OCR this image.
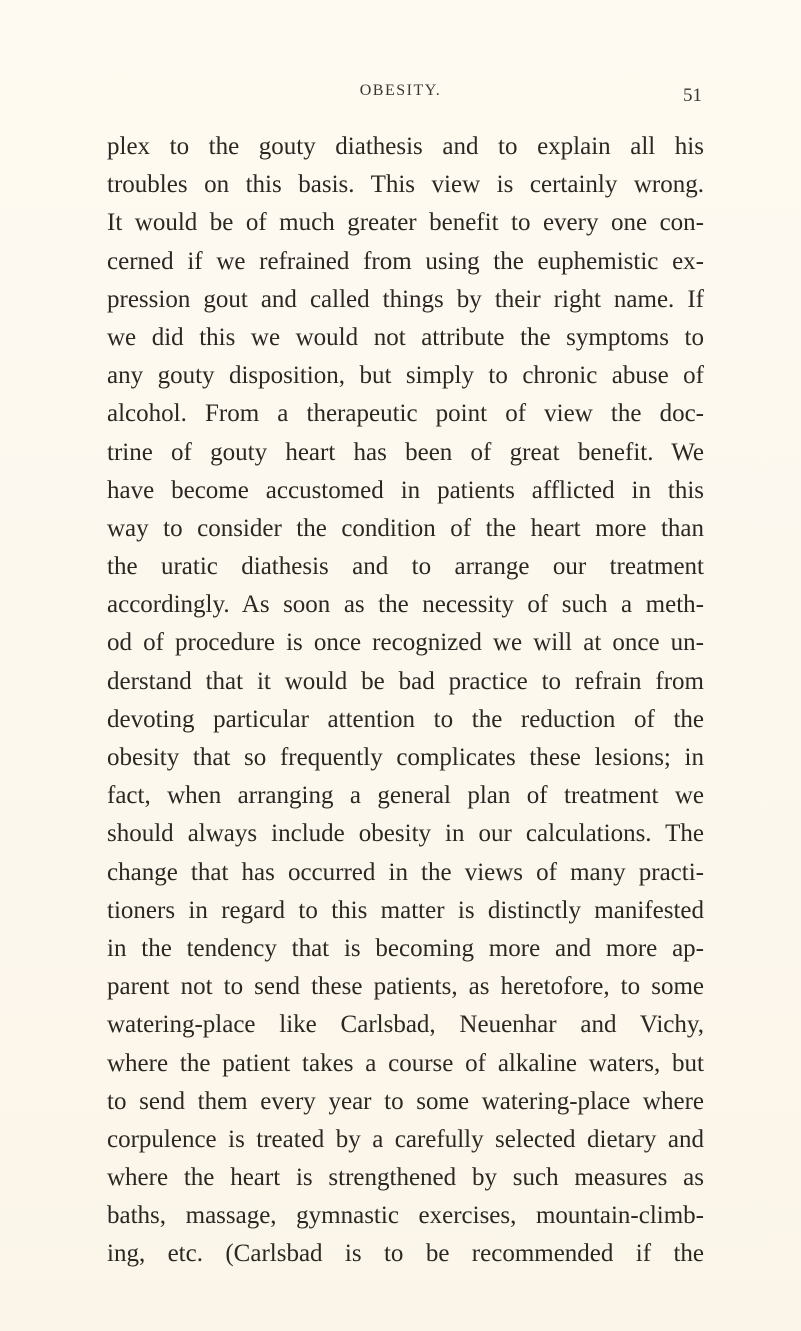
OBESITY.	51
plex to the gouty diathesis and to explain all his
troubles on this basis. This view is certainly wrong.
It would be of much greater benefit to every one con-
cerned if we refrained from using the euphemistic ex-
pression gout and called things by their right name. If
we did this we would not attribute the symptoms to
any gouty disposition, but simply to chronic abuse of
alcohol. From a therapeutic point of view the doc-
trine of gouty heart has been of great benefit. We
have become accustomed in patients afflicted in this
way to consider the condition of the heart more than
the uratic diathesis and to arrange our treatment
accordingly. As soon as the necessity of such a meth-
od of procedure is once recognized we will at once un-
derstand that it would be bad practice to refrain from
devoting particular attention to the reduction of the
obesity that so frequently complicates these lesions; in
fact, when arranging a general plan of treatment we
should always include obesity in our calculations. The
change that has occurred in the views of many practi-
tioners in regard to this matter is distinctly manifested
in the tendency that is becoming more and more ap-
parent not to send these patients, as heretofore, to some
watering-place like Carlsbad, Neuenhar and Vichy,
where the patient takes a course of alkaline waters, but
to send them every year to some watering-place where
corpulence is treated by a carefully selected dietary and
where the heart is strengthened by such measures as
baths, massage, gymnastic exercises, mountain-climb-
ing, etc. (Carlsbad is to be recommended if the
